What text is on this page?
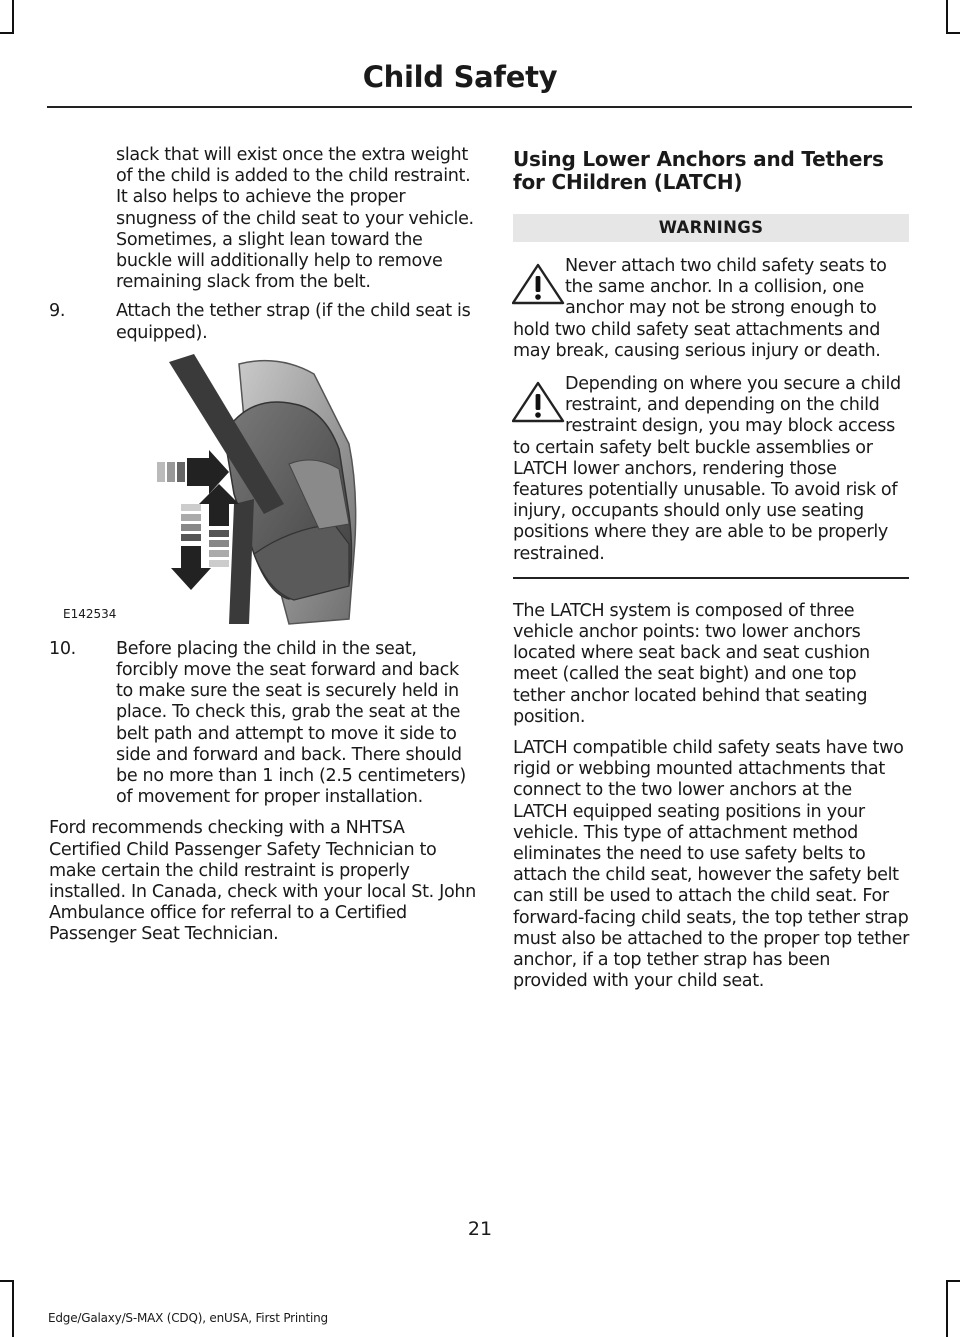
Child Safety

slack that will exist once the extra weight of the child is added to the child restraint. It also helps to achieve the proper snugness of the child seat to your vehicle. Sometimes, a slight lean toward the buckle will additionally help to remove remaining slack from the belt.

9.	Attach the tether strap (if the child seat is equipped).
E142534
10.	Before placing the child in the seat, forcibly move the seat forward and back to make sure the seat is securely held in place. To check this, grab the seat at the belt path and attempt to move it side to side and forward and back. There should be no more than 1 inch (2.5 centimeters) of movement for proper installation.

Ford recommends checking with a NHTSA Certified Child Passenger Safety Technician to make certain the child restraint is properly installed. In Canada, check with your local St. John Ambulance office for referral to a Certified Passenger Seat Technician.

Using Lower Anchors and Tethers for CHildren (LATCH)
WARNINGS

Never attach two child safety seats to the same anchor. In a collision, one anchor may not be strong enough to hold two child safety seat attachments and may break, causing serious injury or death.

Depending on where you secure a child restraint, and depending on the child restraint design, you may block access to certain safety belt buckle assemblies or LATCH lower anchors, rendering those features potentially unusable. To avoid risk of injury, occupants should only use seating positions where they are able to be properly restrained.

The LATCH system is composed of three vehicle anchor points: two lower anchors located where seat back and seat cushion meet (called the seat bight) and one top tether anchor located behind that seating position.

LATCH compatible child safety seats have two rigid or webbing mounted attachments that connect to the two lower anchors at the LATCH equipped seating positions in your vehicle. This type of attachment method eliminates the need to use safety belts to attach the child seat, however the safety belt can still be used to attach the child seat. For forward-facing child seats, the top tether strap must also be attached to the proper top tether anchor, if a top tether strap has been provided with your child seat.

21
Edge/Galaxy/S-MAX (CDQ), enUSA, First Printing
